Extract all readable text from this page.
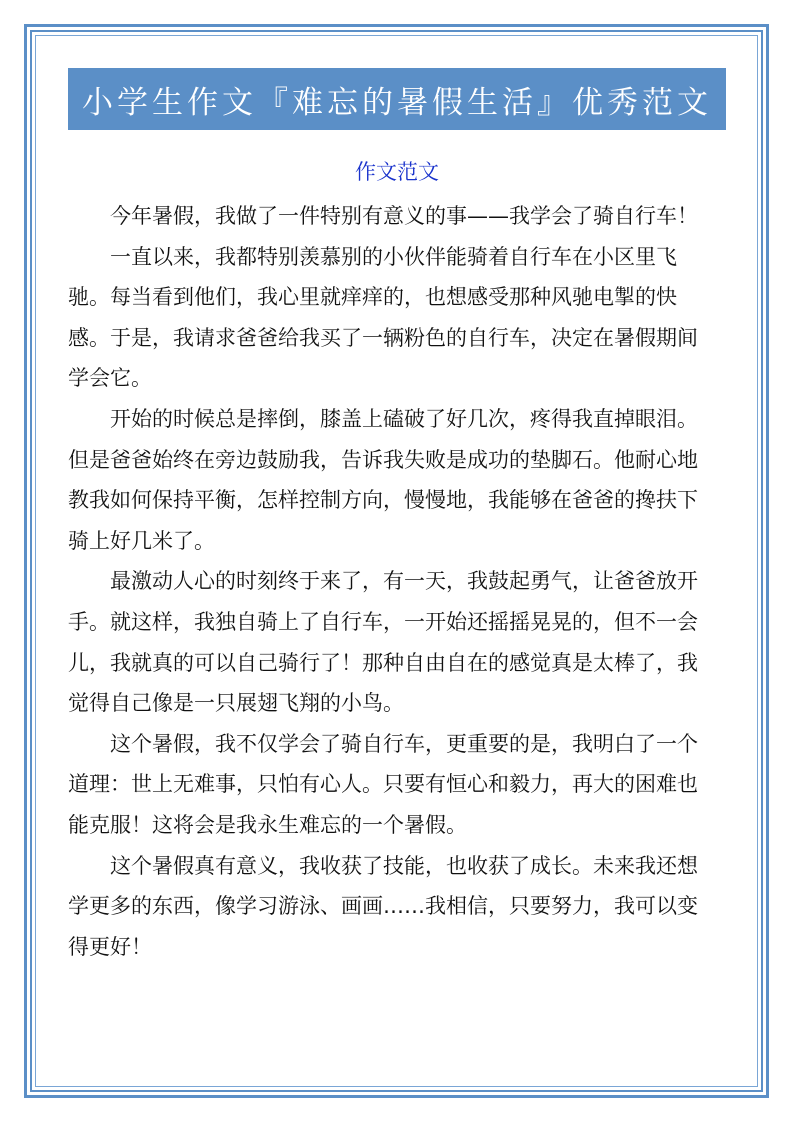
小学生作文『难忘的暑假生活』优秀范文
作文范文

今年暑假，我做了一件特别有意义的事——我学会了骑自行车！

一直以来，我都特别羡慕别的小伙伴能骑着自行车在小区里飞驰。每当看到他们，我心里就痒痒的，也想感受那种风驰电掣的快感。于是，我请求爸爸给我买了一辆粉色的自行车，决定在暑假期间学会它。

开始的时候总是摔倒，膝盖上磕破了好几次，疼得我直掉眼泪。但是爸爸始终在旁边鼓励我，告诉我失败是成功的垫脚石。他耐心地教我如何保持平衡，怎样控制方向，慢慢地，我能够在爸爸的搀扶下骑上好几米了。

最激动人心的时刻终于来了，有一天，我鼓起勇气，让爸爸放开手。就这样，我独自骑上了自行车，一开始还摇摇晃晃的，但不一会儿，我就真的可以自己骑行了！那种自由自在的感觉真是太棒了，我觉得自己像是一只展翅飞翔的小鸟。

这个暑假，我不仅学会了骑自行车，更重要的是，我明白了一个道理：世上无难事，只怕有心人。只要有恒心和毅力，再大的困难也能克服！这将会是我永生难忘的一个暑假。

这个暑假真有意义，我收获了技能，也收获了成长。未来我还想学更多的东西，像学习游泳、画画……我相信，只要努力，我可以变得更好！
